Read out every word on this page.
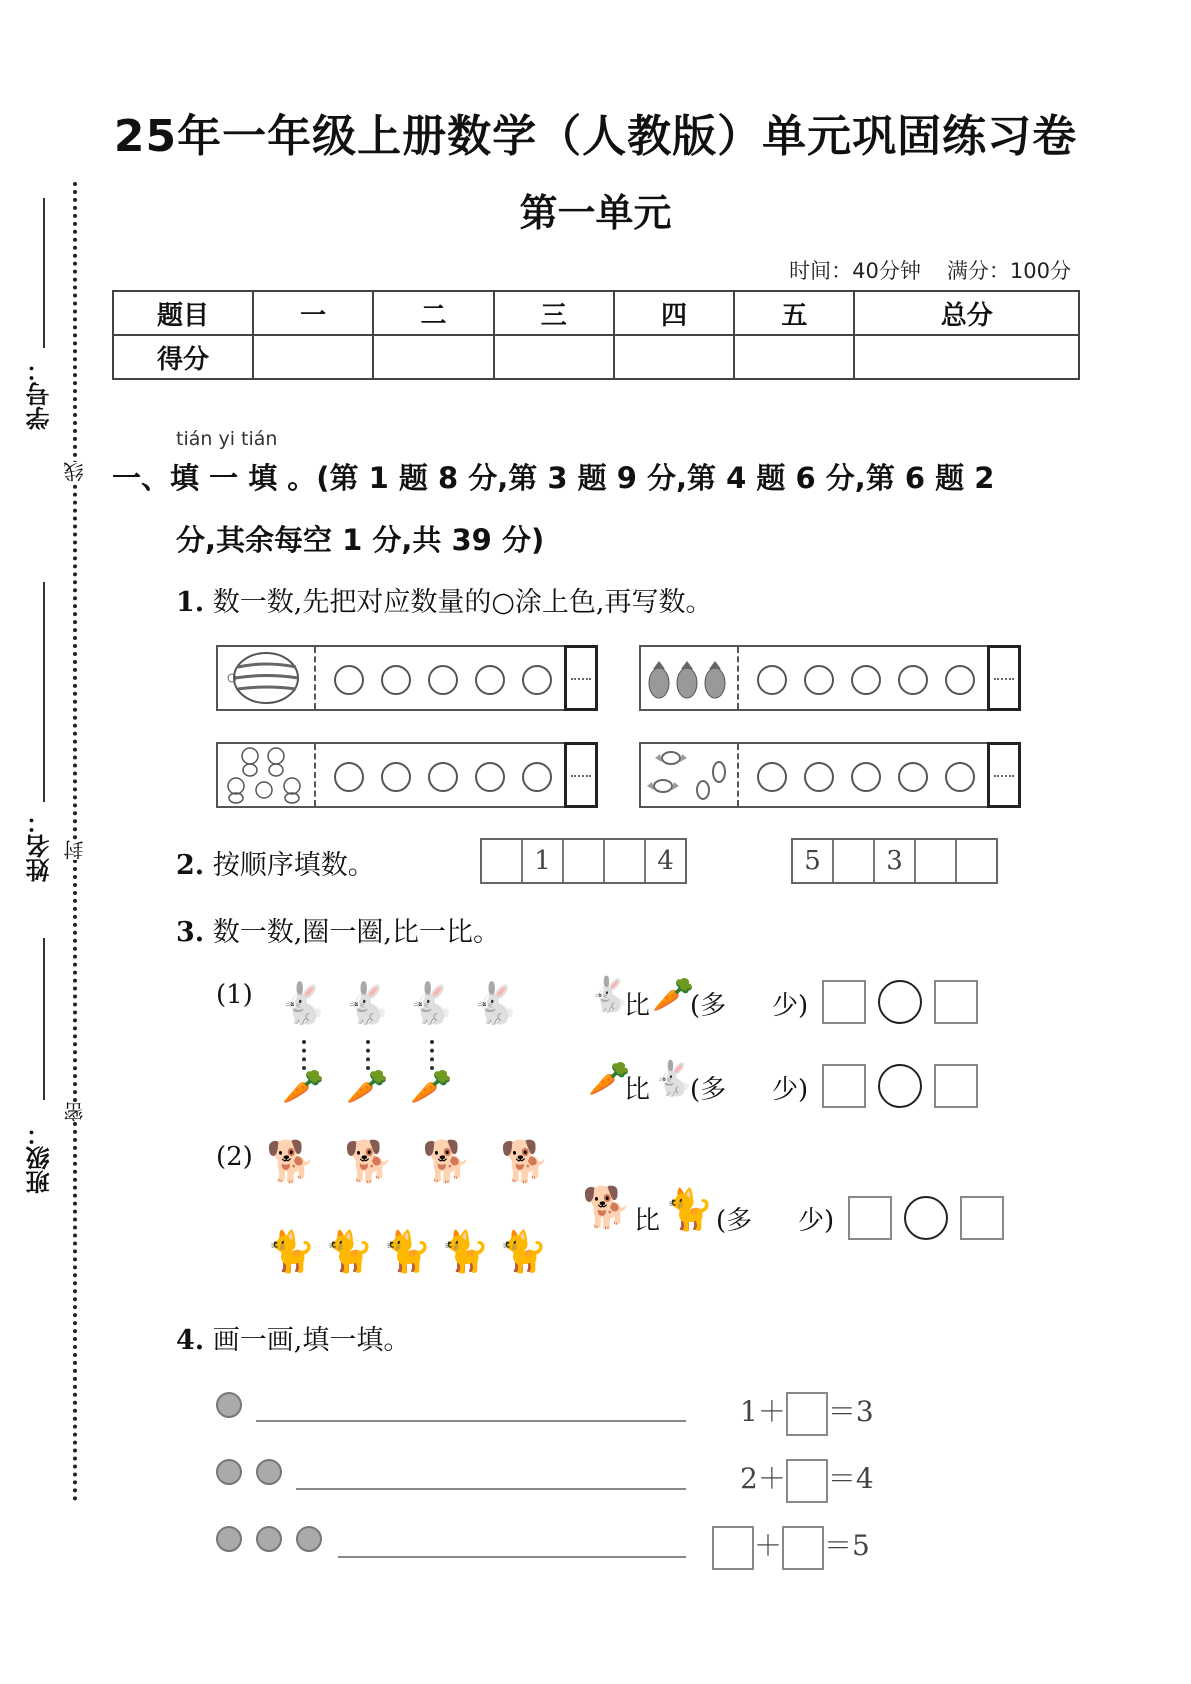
25年一年级上册数学（人教版）单元巩固练习卷
第一单元
时间：40分钟 满分：100分
题目	一	二	三	四	五	总分
得分						
学号：
线
姓名： 封
班级：
密
tián yi tián
一、填 一 填 。(第 1 题 8 分,第 3 题 9 分,第 4 题 6 分,第 6 题 2
分,其余每空 1 分,共 39 分)
1. 数一数,先把对应数量的○涂上色,再写数。
2. 按顺序填数。	1	4	5	3
3. 数一数,圈一圈,比一比。
(1) 🐇 🐇 🐇 🐇
🥕 🥕 🥕
🐇
比 🥕
(多 少)
🥕
比 🐇
(多 少)
(2) 🐕 🐕 🐕 🐕
🐈 🐈 🐈 🐈 🐈
🐕 比 🐈 (多 少)
4. 画一画,填一填。
1＋ ＝3
2＋ ＝4
＋ ＝5
